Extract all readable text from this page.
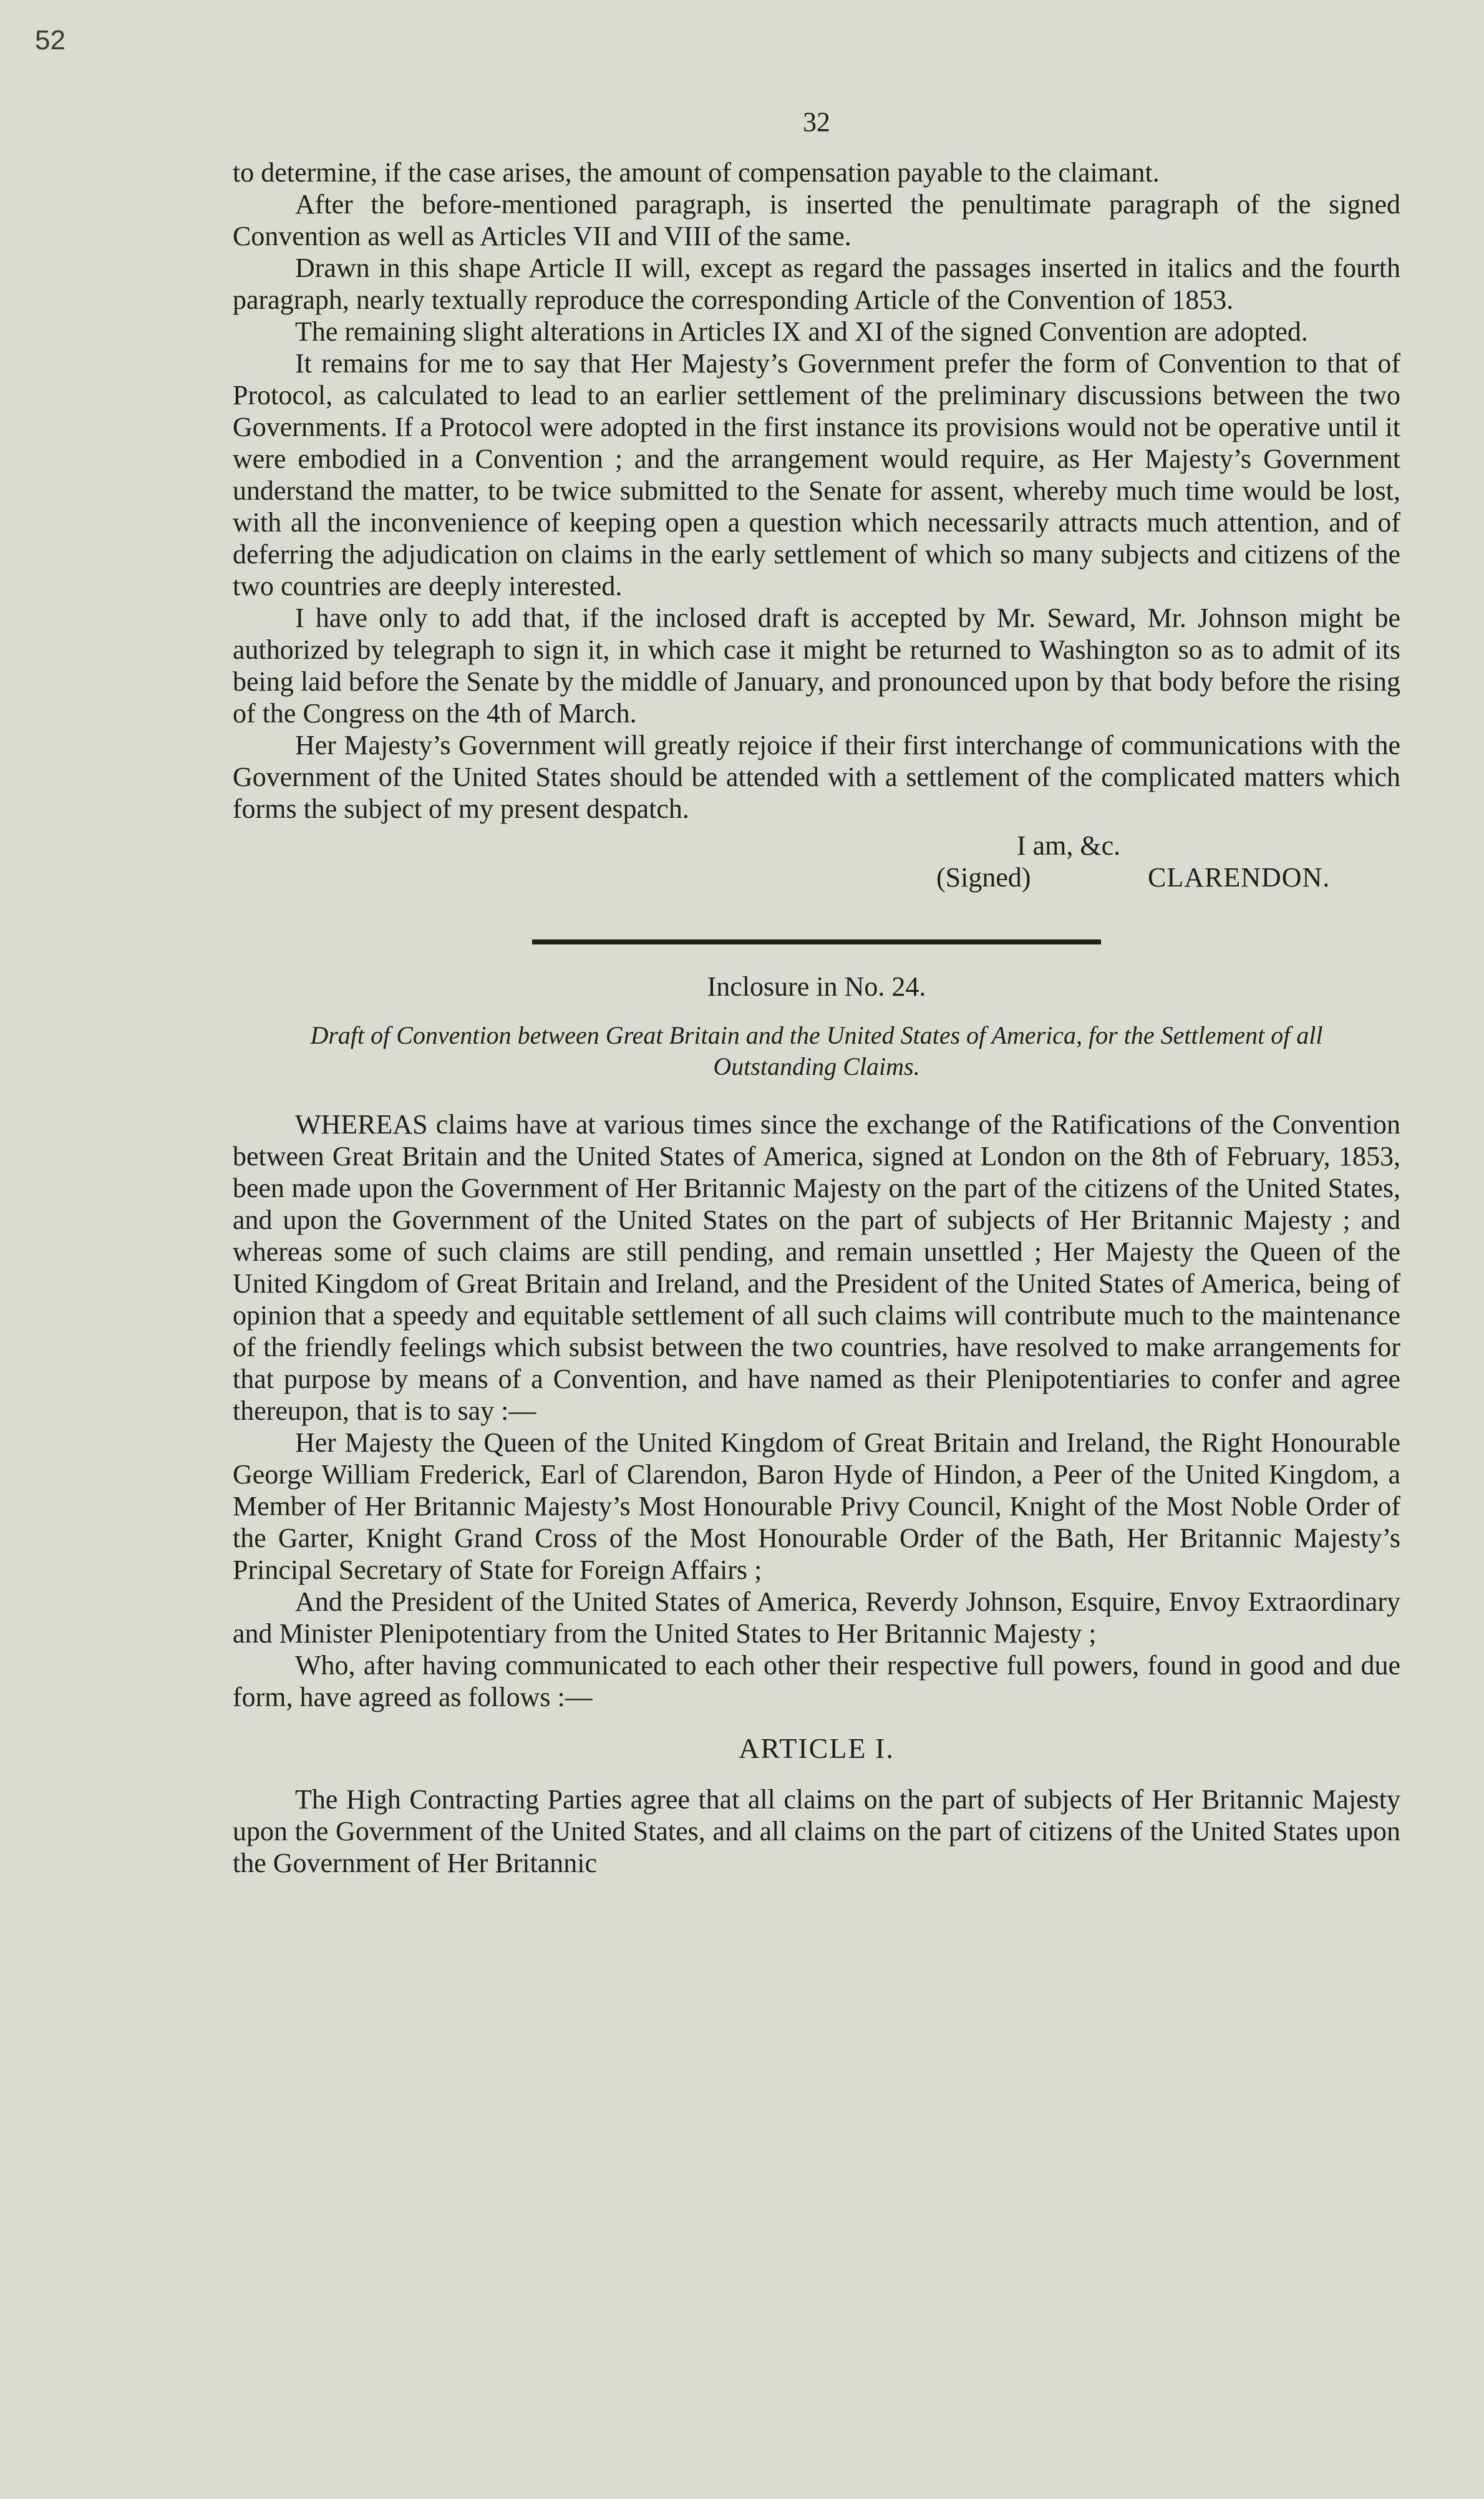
52
32

to determine, if the case arises, the amount of compensation payable to the claimant.

After the before-mentioned paragraph, is inserted the penultimate paragraph of the signed Convention as well as Articles VII and VIII of the same.

Drawn in this shape Article II will, except as regard the passages inserted in italics and the fourth paragraph, nearly textually reproduce the corresponding Article of the Convention of 1853.

The remaining slight alterations in Articles IX and XI of the signed Convention are adopted.

It remains for me to say that Her Majesty’s Government prefer the form of Convention to that of Protocol, as calculated to lead to an earlier settlement of the preliminary discussions between the two Governments. If a Protocol were adopted in the first instance its provisions would not be operative until it were embodied in a Convention ; and the arrangement would require, as Her Majesty’s Government understand the matter, to be twice submitted to the Senate for assent, whereby much time would be lost, with all the inconvenience of keeping open a question which necessarily attracts much attention, and of deferring the adjudication on claims in the early settlement of which so many subjects and citizens of the two countries are deeply interested.

I have only to add that, if the inclosed draft is accepted by Mr. Seward, Mr. Johnson might be authorized by telegraph to sign it, in which case it might be returned to Washington so as to admit of its being laid before the Senate by the middle of January, and pronounced upon by that body before the rising of the Congress on the 4th of March.

Her Majesty’s Government will greatly rejoice if their first interchange of communications with the Government of the United States should be attended with a settlement of the complicated matters which forms the subject of my present despatch.

I am, &c.
(Signed)	CLARENDON.
Inclosure in No. 24.
Draft of Convention between Great Britain and the United States of America, for the Settlement of all Outstanding Claims.

WHEREAS claims have at various times since the exchange of the Ratifications of the Convention between Great Britain and the United States of America, signed at London on the 8th of February, 1853, been made upon the Government of Her Britannic Majesty on the part of the citizens of the United States, and upon the Government of the United States on the part of subjects of Her Britannic Majesty ; and whereas some of such claims are still pending, and remain unsettled ; Her Majesty the Queen of the United Kingdom of Great Britain and Ireland, and the President of the United States of America, being of opinion that a speedy and equitable settlement of all such claims will contribute much to the maintenance of the friendly feelings which subsist between the two countries, have resolved to make arrangements for that purpose by means of a Convention, and have named as their Plenipotentiaries to confer and agree thereupon, that is to say :—

Her Majesty the Queen of the United Kingdom of Great Britain and Ireland, the Right Honourable George William Frederick, Earl of Clarendon, Baron Hyde of Hindon, a Peer of the United Kingdom, a Member of Her Britannic Majesty’s Most Honourable Privy Council, Knight of the Most Noble Order of the Garter, Knight Grand Cross of the Most Honourable Order of the Bath, Her Britannic Majesty’s Principal Secretary of State for Foreign Affairs ;

And the President of the United States of America, Reverdy Johnson, Esquire, Envoy Extraordinary and Minister Plenipotentiary from the United States to Her Britannic Majesty ;

Who, after having communicated to each other their respective full powers, found in good and due form, have agreed as follows :—

ARTICLE I.

The High Contracting Parties agree that all claims on the part of subjects of Her Britannic Majesty upon the Government of the United States, and all claims on the part of citizens of the United States upon the Government of Her Britannic
